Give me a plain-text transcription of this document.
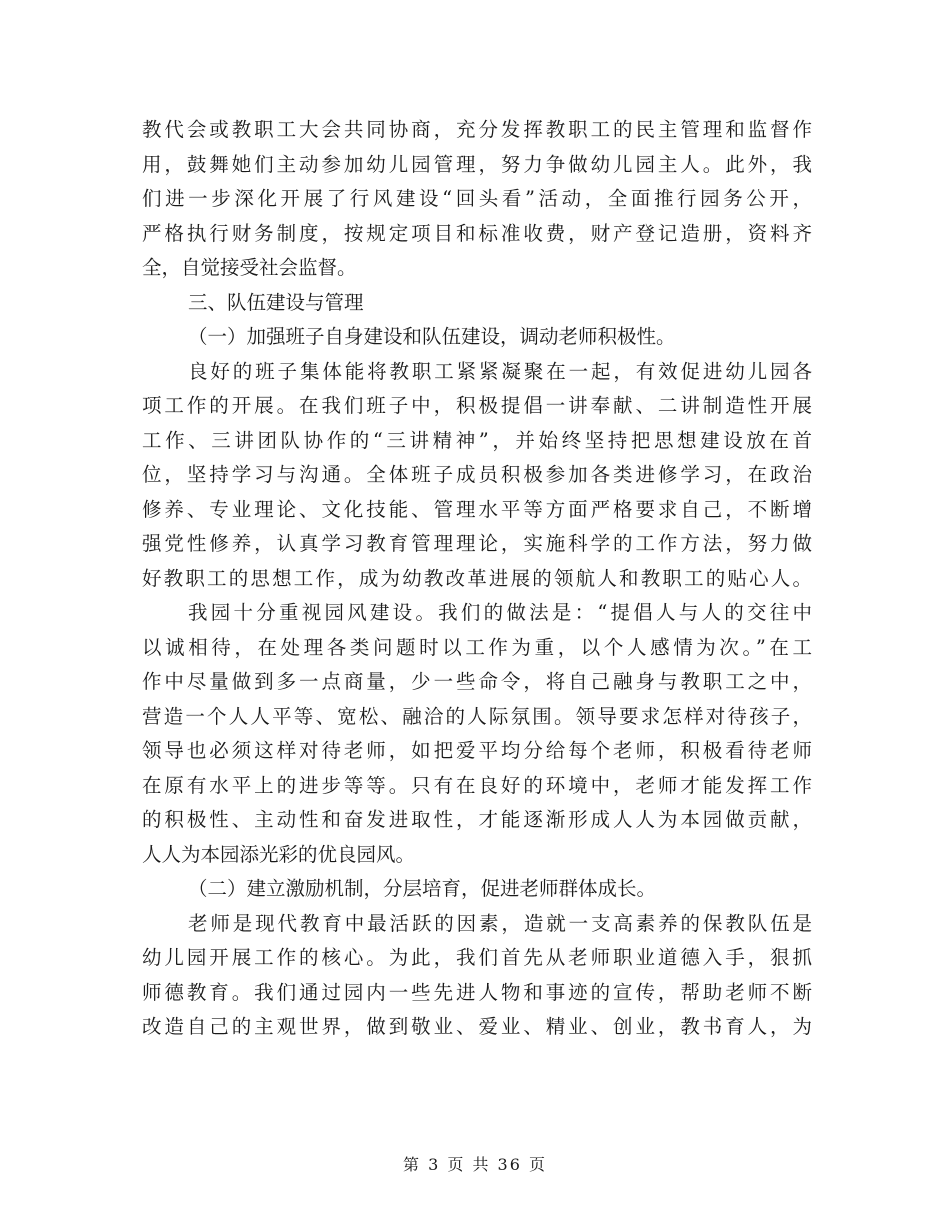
教代会或教职工大会共同协商，充分发挥教职工的民主管理和监督作
用，鼓舞她们主动参加幼儿园管理，努力争做幼儿园主人。此外，我
们进一步深化开展了行风建设“回头看”活动，全面推行园务公开，
严格执行财务制度，按规定项目和标准收费，财产登记造册，资料齐
全，自觉接受社会监督。
三、队伍建设与管理
（一）加强班子自身建设和队伍建设，调动老师积极性。
良好的班子集体能将教职工紧紧凝聚在一起，有效促进幼儿园各
项工作的开展。在我们班子中，积极提倡一讲奉献、二讲制造性开展
工作、三讲团队协作的“三讲精神”，并始终坚持把思想建设放在首
位，坚持学习与沟通。全体班子成员积极参加各类进修学习，在政治
修养、专业理论、文化技能、管理水平等方面严格要求自己，不断增
强党性修养，认真学习教育管理理论，实施科学的工作方法，努力做
好教职工的思想工作，成为幼教改革进展的领航人和教职工的贴心人。
我园十分重视园风建设。我们的做法是：“提倡人与人的交往中
以诚相待，在处理各类问题时以工作为重，以个人感情为次。”在工
作中尽量做到多一点商量，少一些命令，将自己融身与教职工之中，
营造一个人人平等、宽松、融洽的人际氛围。领导要求怎样对待孩子，
领导也必须这样对待老师，如把爱平均分给每个老师，积极看待老师
在原有水平上的进步等等。只有在良好的环境中，老师才能发挥工作
的积极性、主动性和奋发进取性，才能逐渐形成人人为本园做贡献，
人人为本园添光彩的优良园风。
（二）建立激励机制，分层培育，促进老师群体成长。
老师是现代教育中最活跃的因素，造就一支高素养的保教队伍是
幼儿园开展工作的核心。为此，我们首先从老师职业道德入手，狠抓
师德教育。我们通过园内一些先进人物和事迹的宣传，帮助老师不断
改造自己的主观世界，做到敬业、爱业、精业、创业，教书育人，为
第 3 页 共 36 页
